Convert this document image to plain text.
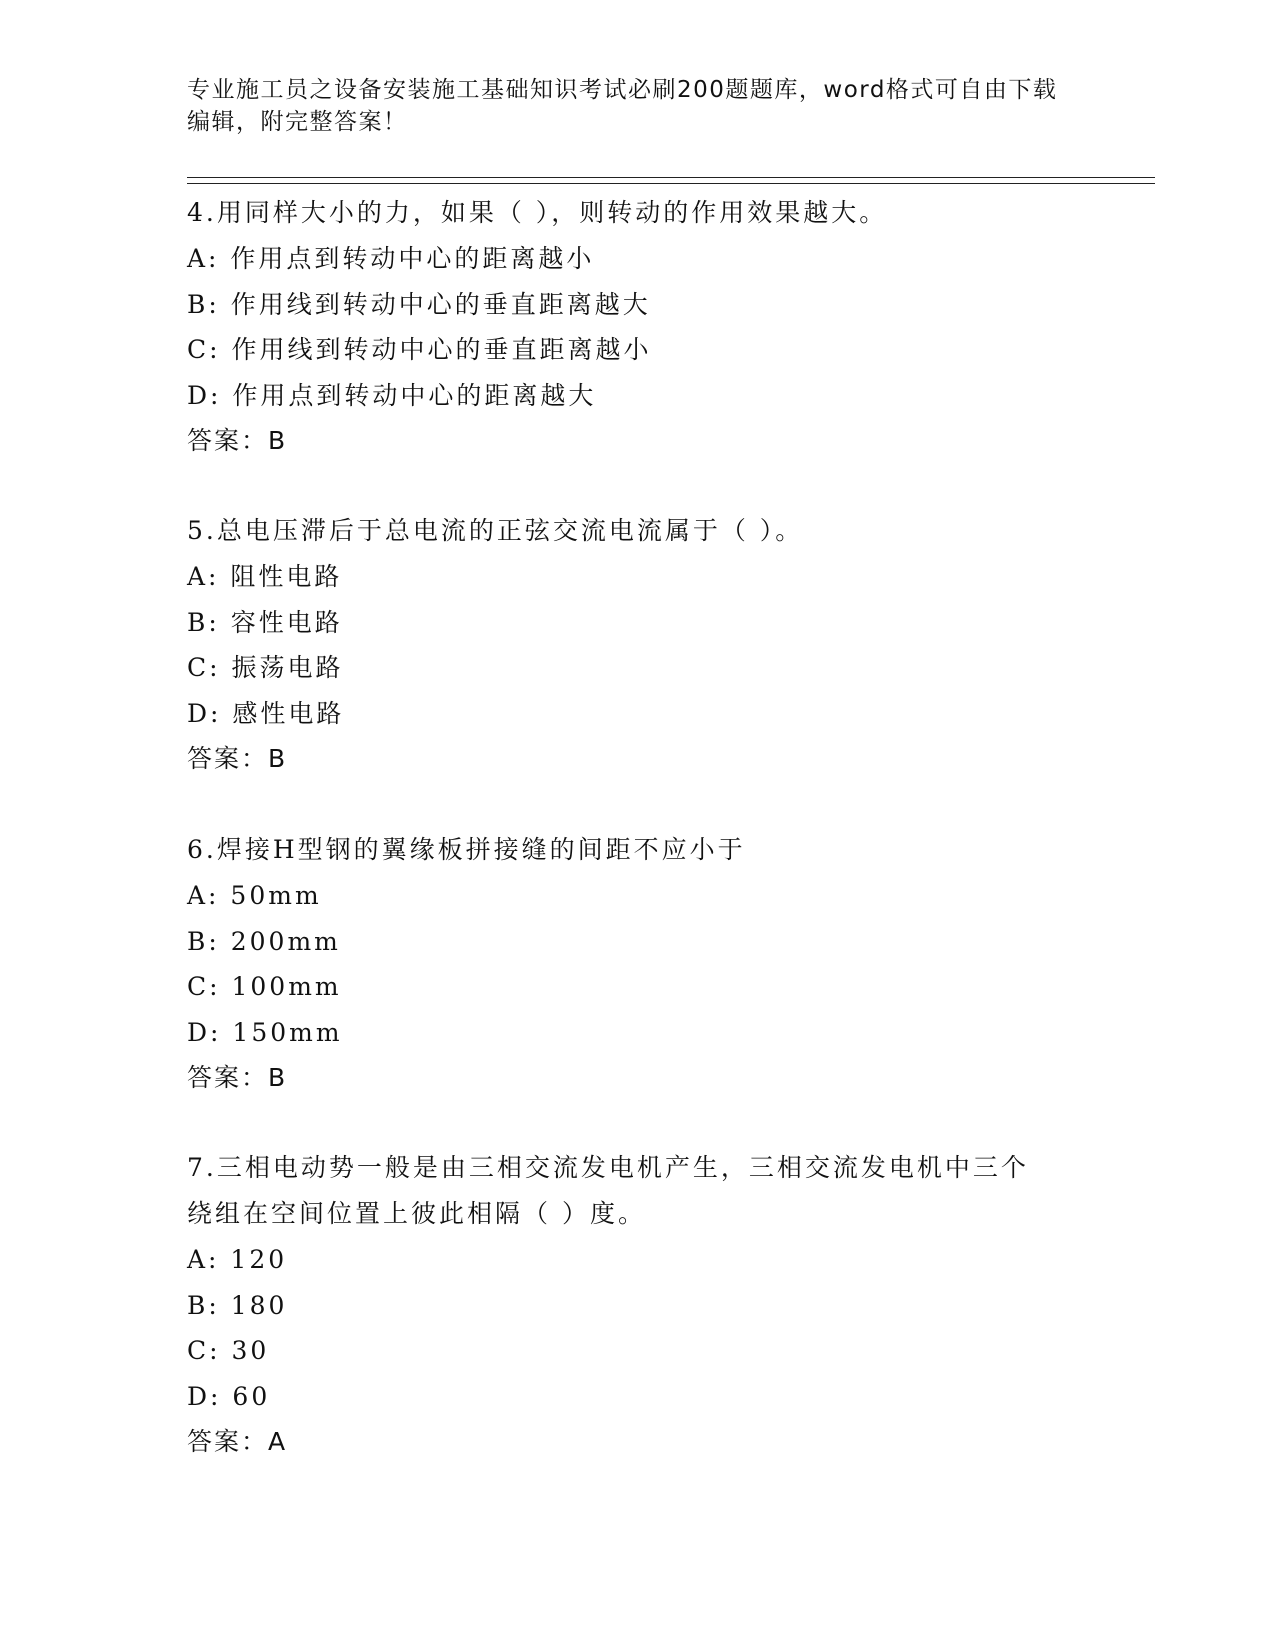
专业施工员之设备安装施工基础知识考试必刷200题题库，word格式可自由下载
编辑，附完整答案！
4.用同样大小的力，如果（ ），则转动的作用效果越大。
A: 作用点到转动中心的距离越小
B: 作用线到转动中心的垂直距离越大
C: 作用线到转动中心的垂直距离越小
D: 作用点到转动中心的距离越大
答案：B
5.总电压滞后于总电流的正弦交流电流属于（ ）。
A: 阻性电路
B: 容性电路
C: 振荡电路
D: 感性电路
答案：B
6.焊接H型钢的翼缘板拼接缝的间距不应小于
A: 50mm
B: 200mm
C: 100mm
D: 150mm
答案：B
7.三相电动势一般是由三相交流发电机产生，三相交流发电机中三个
绕组在空间位置上彼此相隔（ ）度。
A: 120
B: 180
C: 30
D: 60
答案：A
